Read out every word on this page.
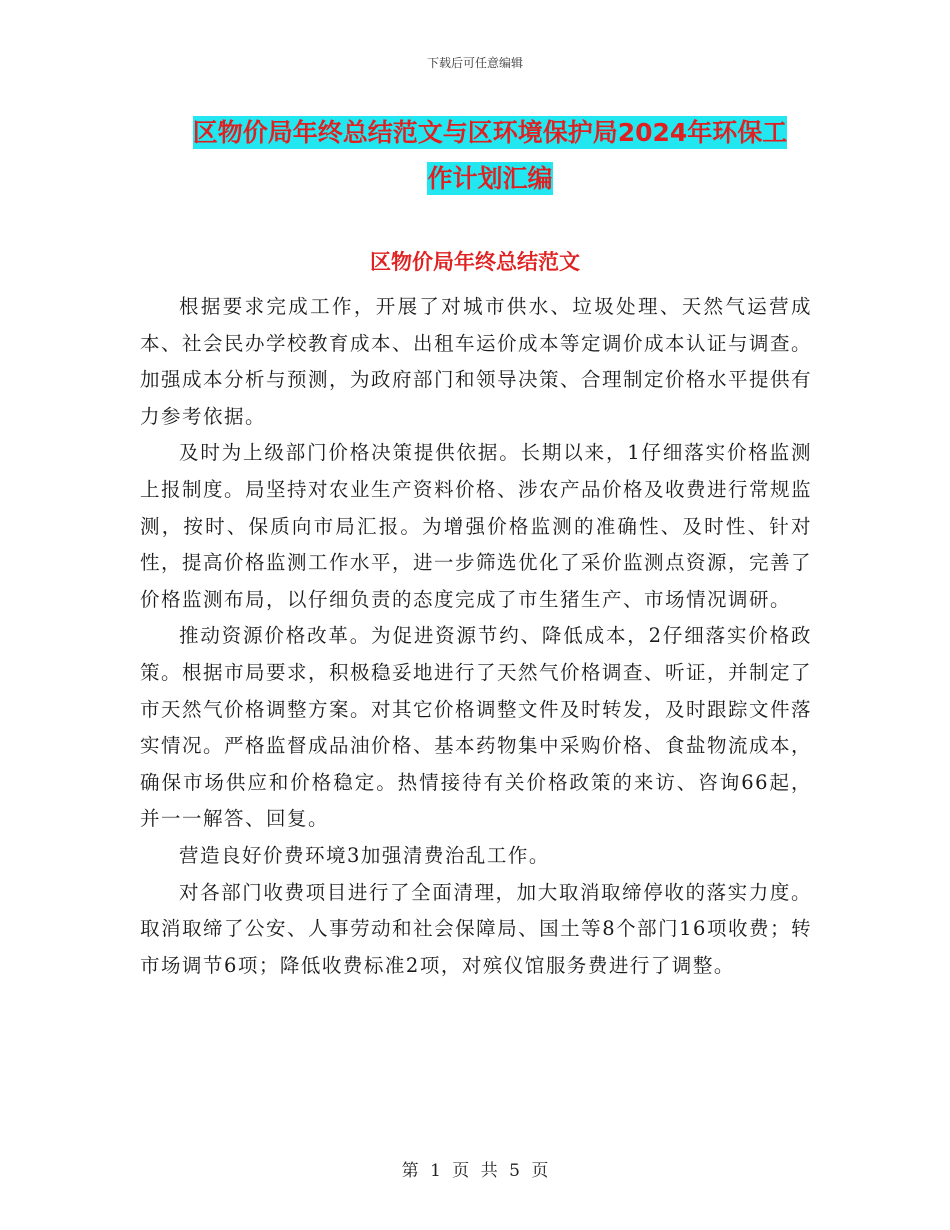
下载后可任意编辑
区物价局年终总结范文与区环境保护局2024年环保工
作计划汇编
区物价局年终总结范文

根据要求完成工作，开展了对城市供水、垃圾处理、天然气运营成本、社会民办学校教育成本、出租车运价成本等定调价成本认证与调查。加强成本分析与预测，为政府部门和领导决策、合理制定价格水平提供有力参考依据。

及时为上级部门价格决策提供依据。长期以来，1仔细落实价格监测上报制度。局坚持对农业生产资料价格、涉农产品价格及收费进行常规监测，按时、保质向市局汇报。为增强价格监测的准确性、及时性、针对性，提高价格监测工作水平，进一步筛选优化了采价监测点资源，完善了价格监测布局，以仔细负责的态度完成了市生猪生产、市场情况调研。

推动资源价格改革。为促进资源节约、降低成本，2仔细落实价格政策。根据市局要求，积极稳妥地进行了天然气价格调查、听证，并制定了市天然气价格调整方案。对其它价格调整文件及时转发，及时跟踪文件落实情况。严格监督成品油价格、基本药物集中采购价格、食盐物流成本，确保市场供应和价格稳定。热情接待有关价格政策的来访、咨询66起，并一一解答、回复。

营造良好价费环境3加强清费治乱工作。

对各部门收费项目进行了全面清理，加大取消取缔停收的落实力度。取消取缔了公安、人事劳动和社会保障局、国土等8个部门16项收费；转市场调节6项；降低收费标准2项，对殡仪馆服务费进行了调整。

第 1 页 共 5 页
